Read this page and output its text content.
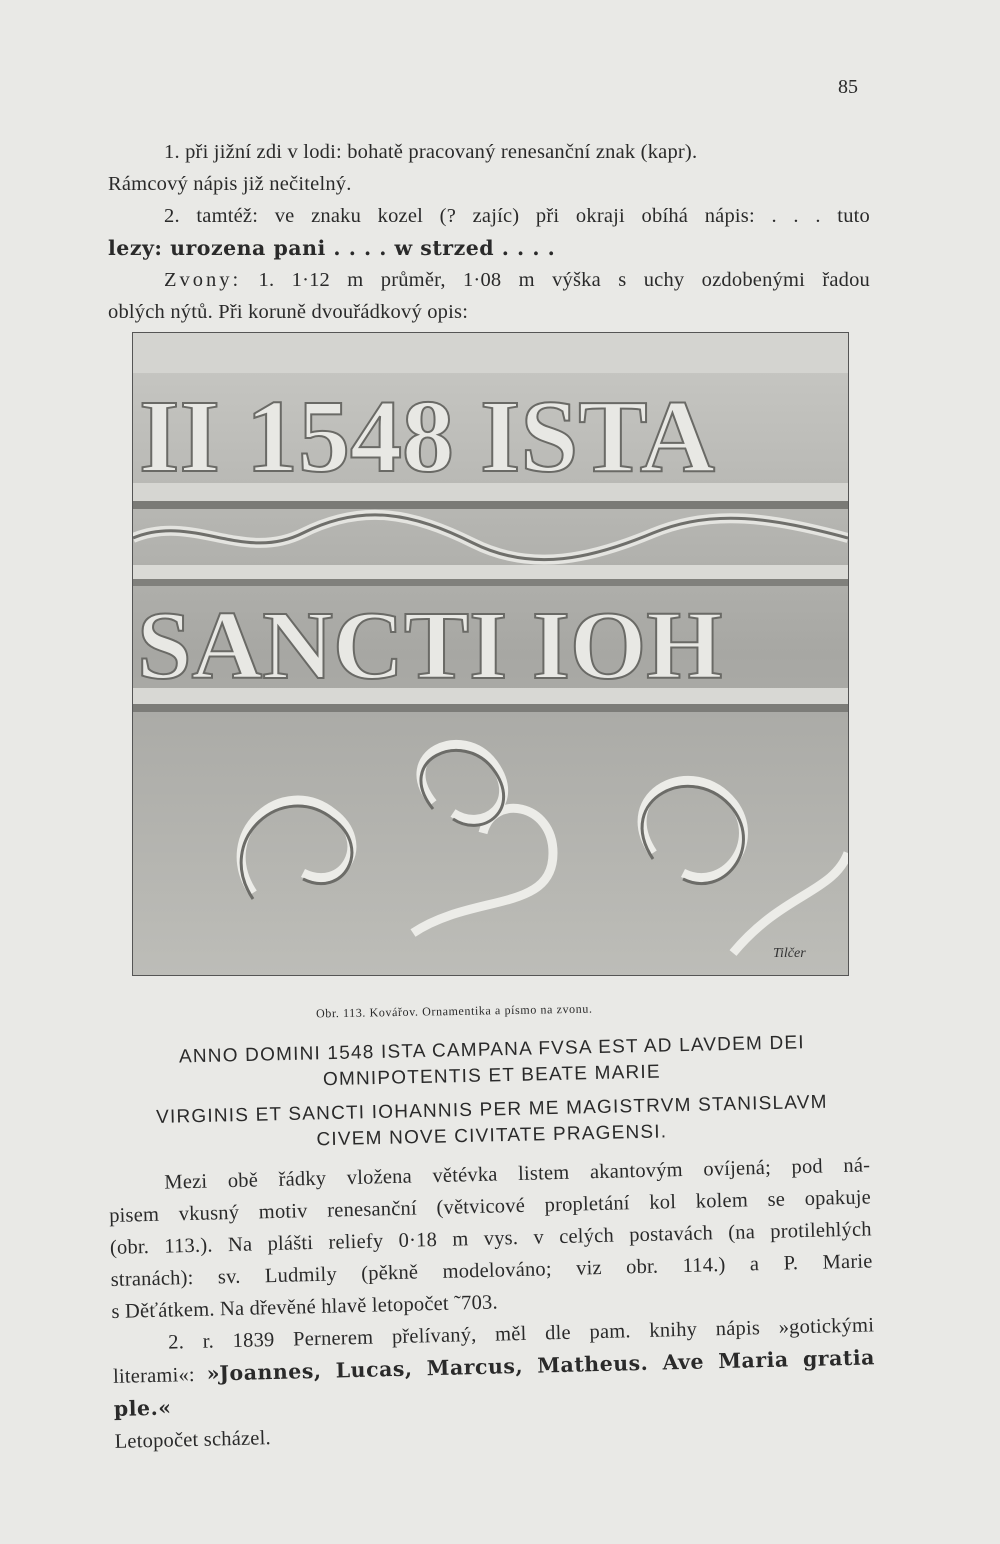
85

1. při jižní zdi v lodi: bohatě pracovaný renesanční znak (kapr).
Rámcový nápis již nečitelný.
2. tamtéž: ve znaku kozel (? zajíc) při okraji obíhá nápis: . . . tuto
lezy: urozena pani . . . . w strzed . . . .
Zvony: 1. 1·12 m průměr, 1·08 m výška s uchy ozdobenými řadou
oblých nýtů. Při koruně dvouřádkový opis:

II 1548 ISTA
SANCTI IOH
Tilčer
Obr. 113. Kovářov. Ornamentika a písmo na zvonu.

ANNO DOMINI 1548 ISTA CAMPANA FVSA EST AD LAVDEM DEI

OMNIPOTENTIS ET BEATE MARIE

VIRGINIS ET SANCTI IOHANNIS PER ME MAGISTRVM STANISLAVM

CIVEM NOVE CIVITATE PRAGENSI.

Mezi obě řádky vložena větévka listem akantovým ovíjená; pod ná-
pisem vkusný motiv renesanční (větvicové propletání kol kolem se opakuje
(obr. 113.). Na plášti reliefy 0·18 m vys. v celých postavách (na protilehlých
stranách): sv. Ludmily (pěkně modelováno; viz obr. 114.) a P. Marie
s Děťátkem. Na dřevěné hlavě letopočet ˜703.
2. r. 1839 Pernerem přelívaný, měl dle pam. knihy nápis »gotickými
literami«: »Joannes, Lucas, Marcus, Matheus. Ave Maria gratia ple.«
Letopočet scházel.
